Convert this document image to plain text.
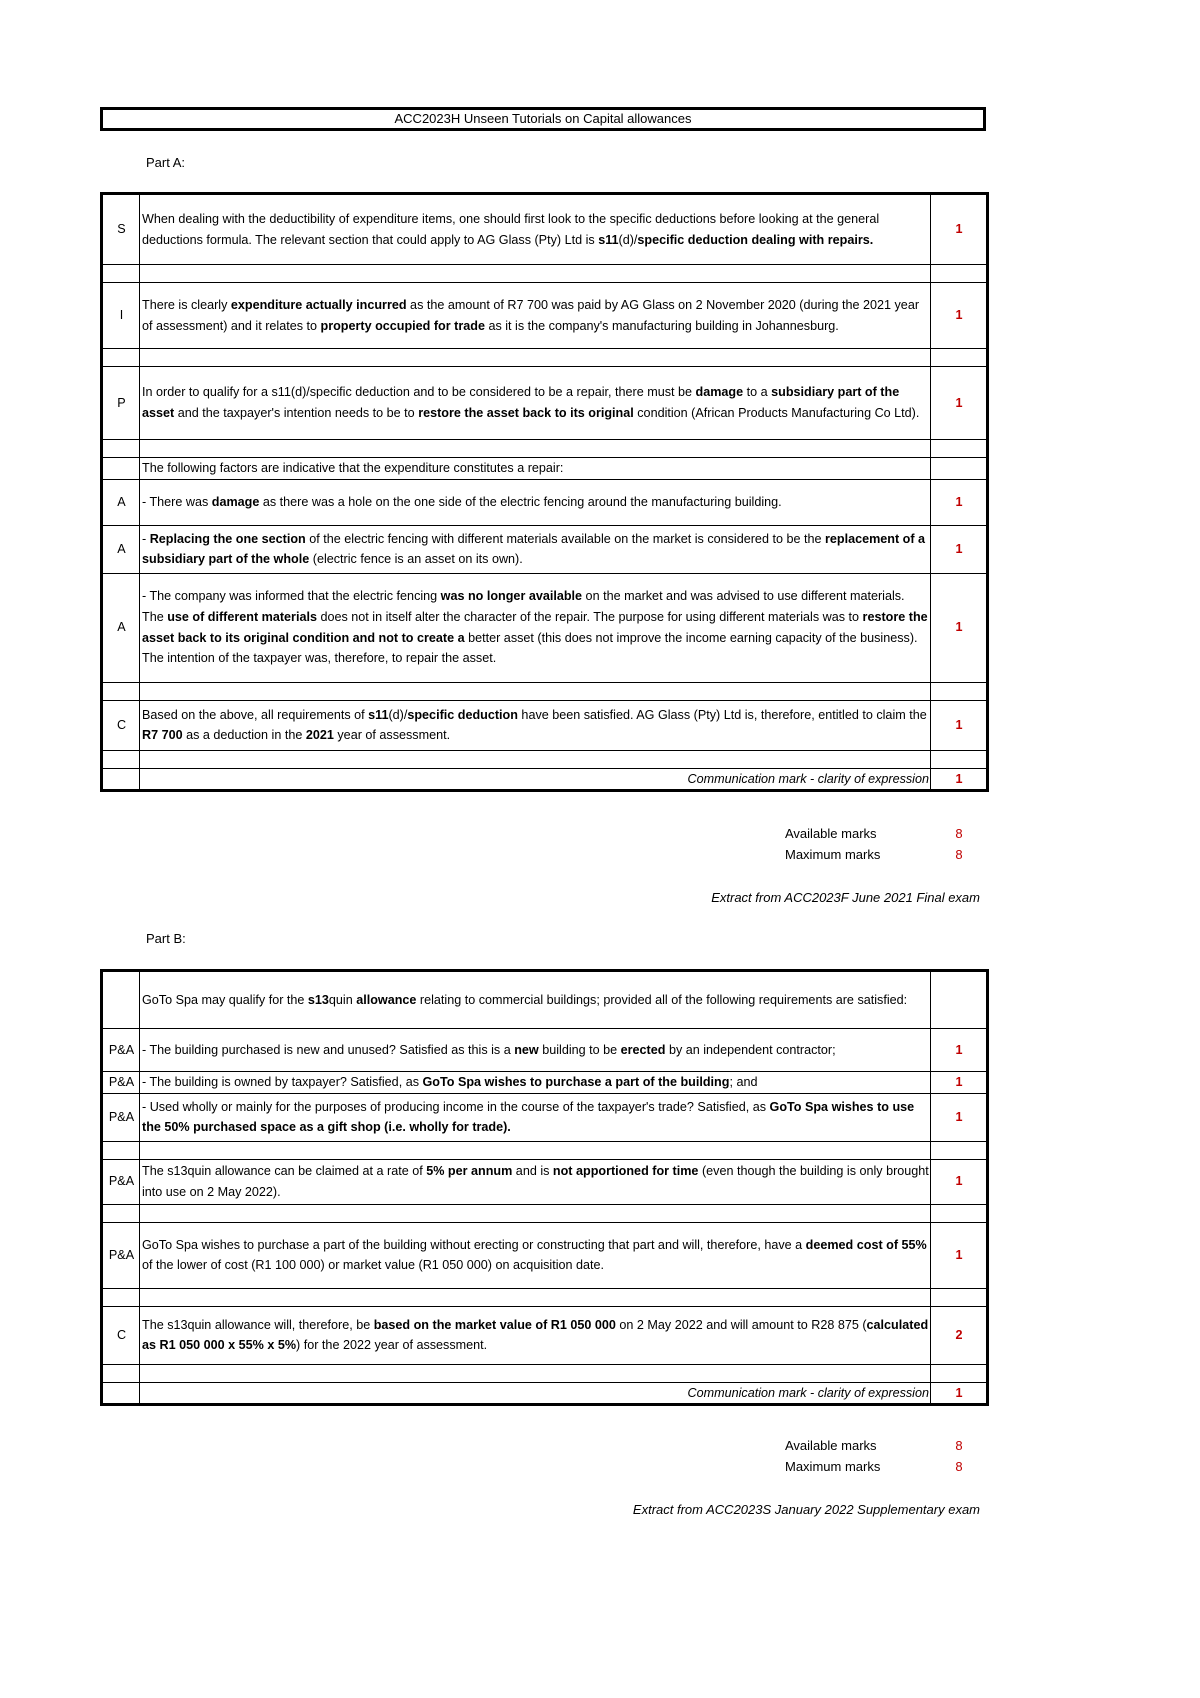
ACC2023H Unseen Tutorials on Capital allowances
Part A:
S	When dealing with the deductibility of expenditure items, one should first look to the specific deductions before looking at the general deductions formula. The relevant section that could apply to AG Glass (Pty) Ltd is s11(d)/specific deduction dealing with repairs.	1

I	There is clearly expenditure actually incurred as the amount of R7 700 was paid by AG Glass on 2 November 2020 (during the 2021 year of assessment) and it relates to property occupied for trade as it is the company's manufacturing building in Johannesburg.	1

P	In order to qualify for a s11(d)/specific deduction and to be considered to be a repair, there must be damage to a subsidiary part of the asset and the taxpayer's intention needs to be to restore the asset back to its original condition (African Products Manufacturing Co Ltd).	1

	The following factors are indicative that the expenditure constitutes a repair:	
A	- There was damage as there was a hole on the one side of the electric fencing around the manufacturing building.	1
A	- Replacing the one section of the electric fencing with different materials available on the market is considered to be the replacement of a subsidiary part of the whole (electric fence is an asset on its own).	1
A	- The company was informed that the electric fencing was no longer available on the market and was advised to use different materials. The use of different materials does not in itself alter the character of the repair. The purpose for using different materials was to restore the asset back to its original condition and not to create a better asset (this does not improve the income earning capacity of the business). The intention of the taxpayer was, therefore, to repair the asset.	1

C	Based on the above, all requirements of s11(d)/specific deduction have been satisfied. AG Glass (Pty) Ltd is, therefore, entitled to claim the R7 700 as a deduction in the 2021 year of assessment.	1

	Communication mark - clarity of expression	1
Available marks	8
Maximum marks	8
Extract from ACC2023F June 2021 Final exam
Part B:
	GoTo Spa may qualify for the s13quin allowance relating to commercial buildings; provided all of the following requirements are satisfied:	
P&A	- The building purchased is new and unused? Satisfied as this is a new building to be erected by an independent contractor;	1
P&A	- The building is owned by taxpayer? Satisfied, as GoTo Spa wishes to purchase a part of the building; and	1
P&A	- Used wholly or mainly for the purposes of producing income in the course of the taxpayer's trade? Satisfied, as GoTo Spa wishes to use the 50% purchased space as a gift shop (i.e. wholly for trade).	1

P&A	The s13quin allowance can be claimed at a rate of 5% per annum and is not apportioned for time (even though the building is only brought into use on 2 May 2022).	1

P&A	GoTo Spa wishes to purchase a part of the building without erecting or constructing that part and will, therefore, have a deemed cost of 55% of the lower of cost (R1 100 000) or market value (R1 050 000) on acquisition date.	1

C	The s13quin allowance will, therefore, be based on the market value of R1 050 000 on 2 May 2022 and will amount to R28 875 (calculated as R1 050 000 x 55% x 5%) for the 2022 year of assessment.	2

	Communication mark - clarity of expression	1
Available marks	8
Maximum marks	8
Extract from ACC2023S January 2022 Supplementary exam
